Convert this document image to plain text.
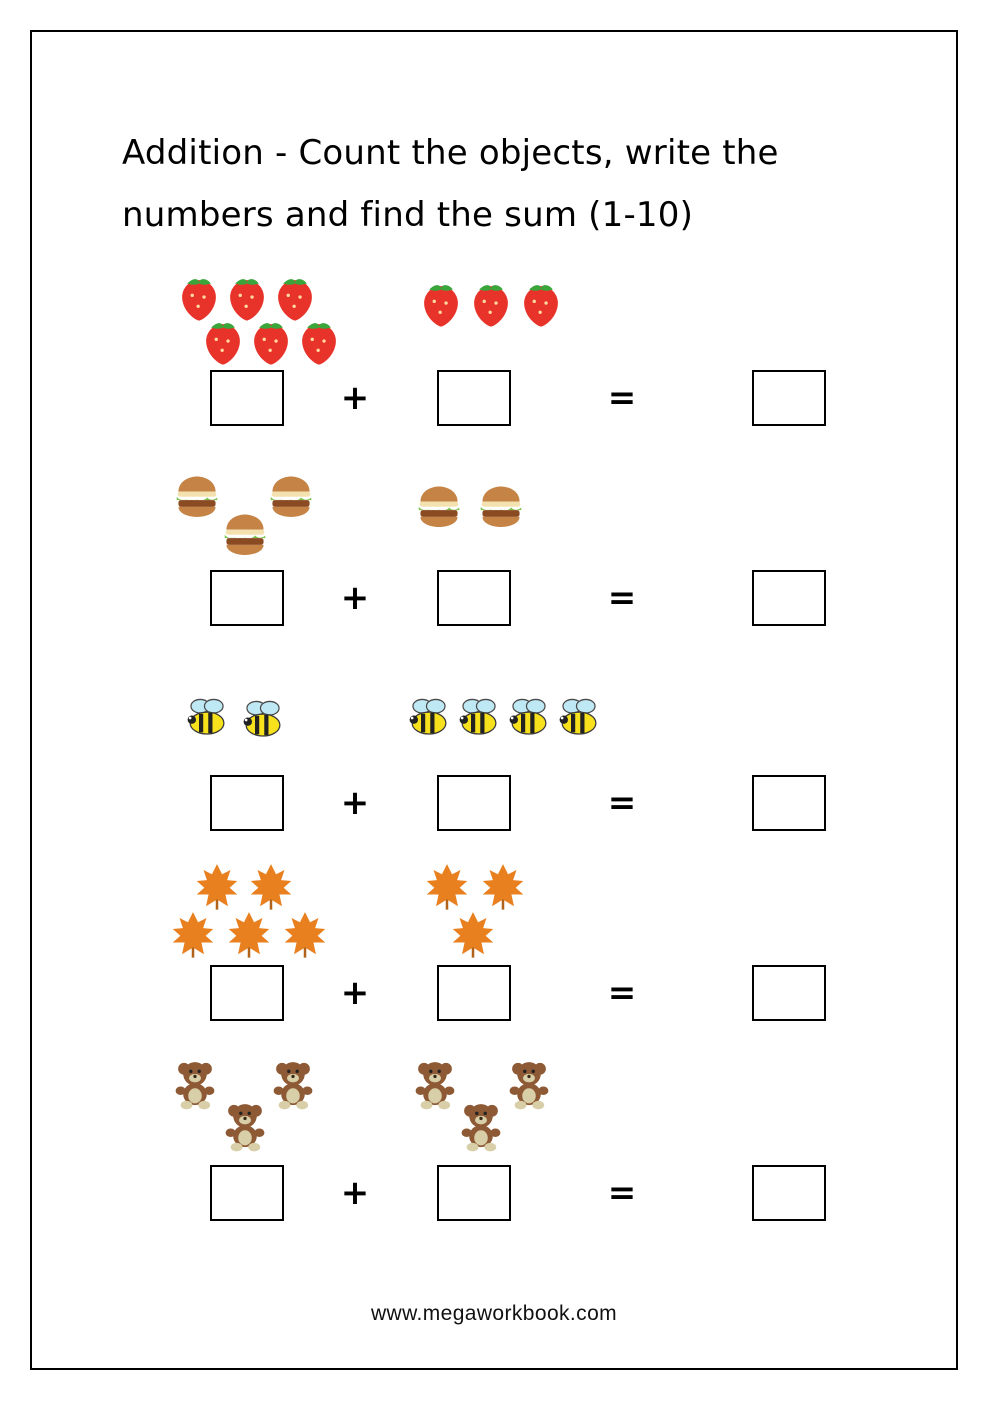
Addition - Count the objects, write the numbers and find the sum (1-10)
+	=
+	=
+	=
+	=
+	=
www.megaworkbook.com
